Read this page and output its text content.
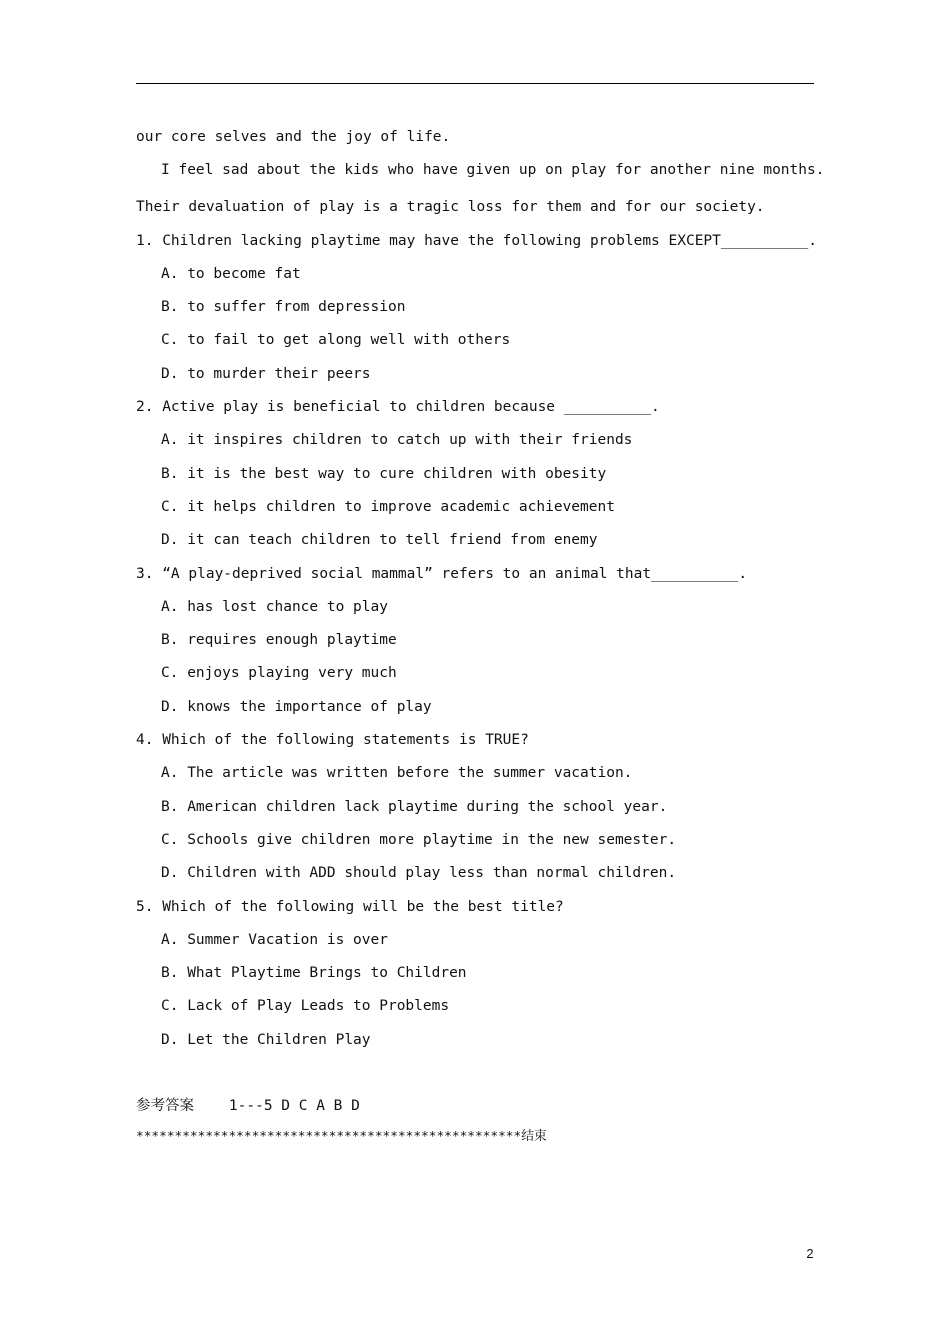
our core selves and the joy of life.
I feel sad about the kids who have given up on play for another nine months.
Their devaluation of play is a tragic loss for them and for our society.
1. Children lacking playtime may have the following problems EXCEPT__________.
A. to become fat
B. to suffer from depression
C. to fail to get along well with others
D. to murder their peers
2. Active play is beneficial to children because __________.
A. it inspires children to catch up with their friends
B. it is the best way to cure children with obesity
C. it helps children to improve academic achievement
D. it can teach children to tell friend from enemy
3. “A play-deprived social mammal” refers to an animal that__________.
A. has lost chance to play
B. requires enough playtime
C. enjoys playing very much
D. knows the importance of play
4. Which of the following statements is TRUE?
A. The article was written before the summer vacation.
B. American children lack playtime during the school year.
C. Schools give children more playtime in the new semester.
D. Children with ADD should play less than normal children.
5. Which of the following will be the best title?
A. Summer Vacation is over
B. What Playtime Brings to Children
C. Lack of Play Leads to Problems
D. Let the Children Play
参考答案    1---5 D C A B D
**************************************************结束
2
